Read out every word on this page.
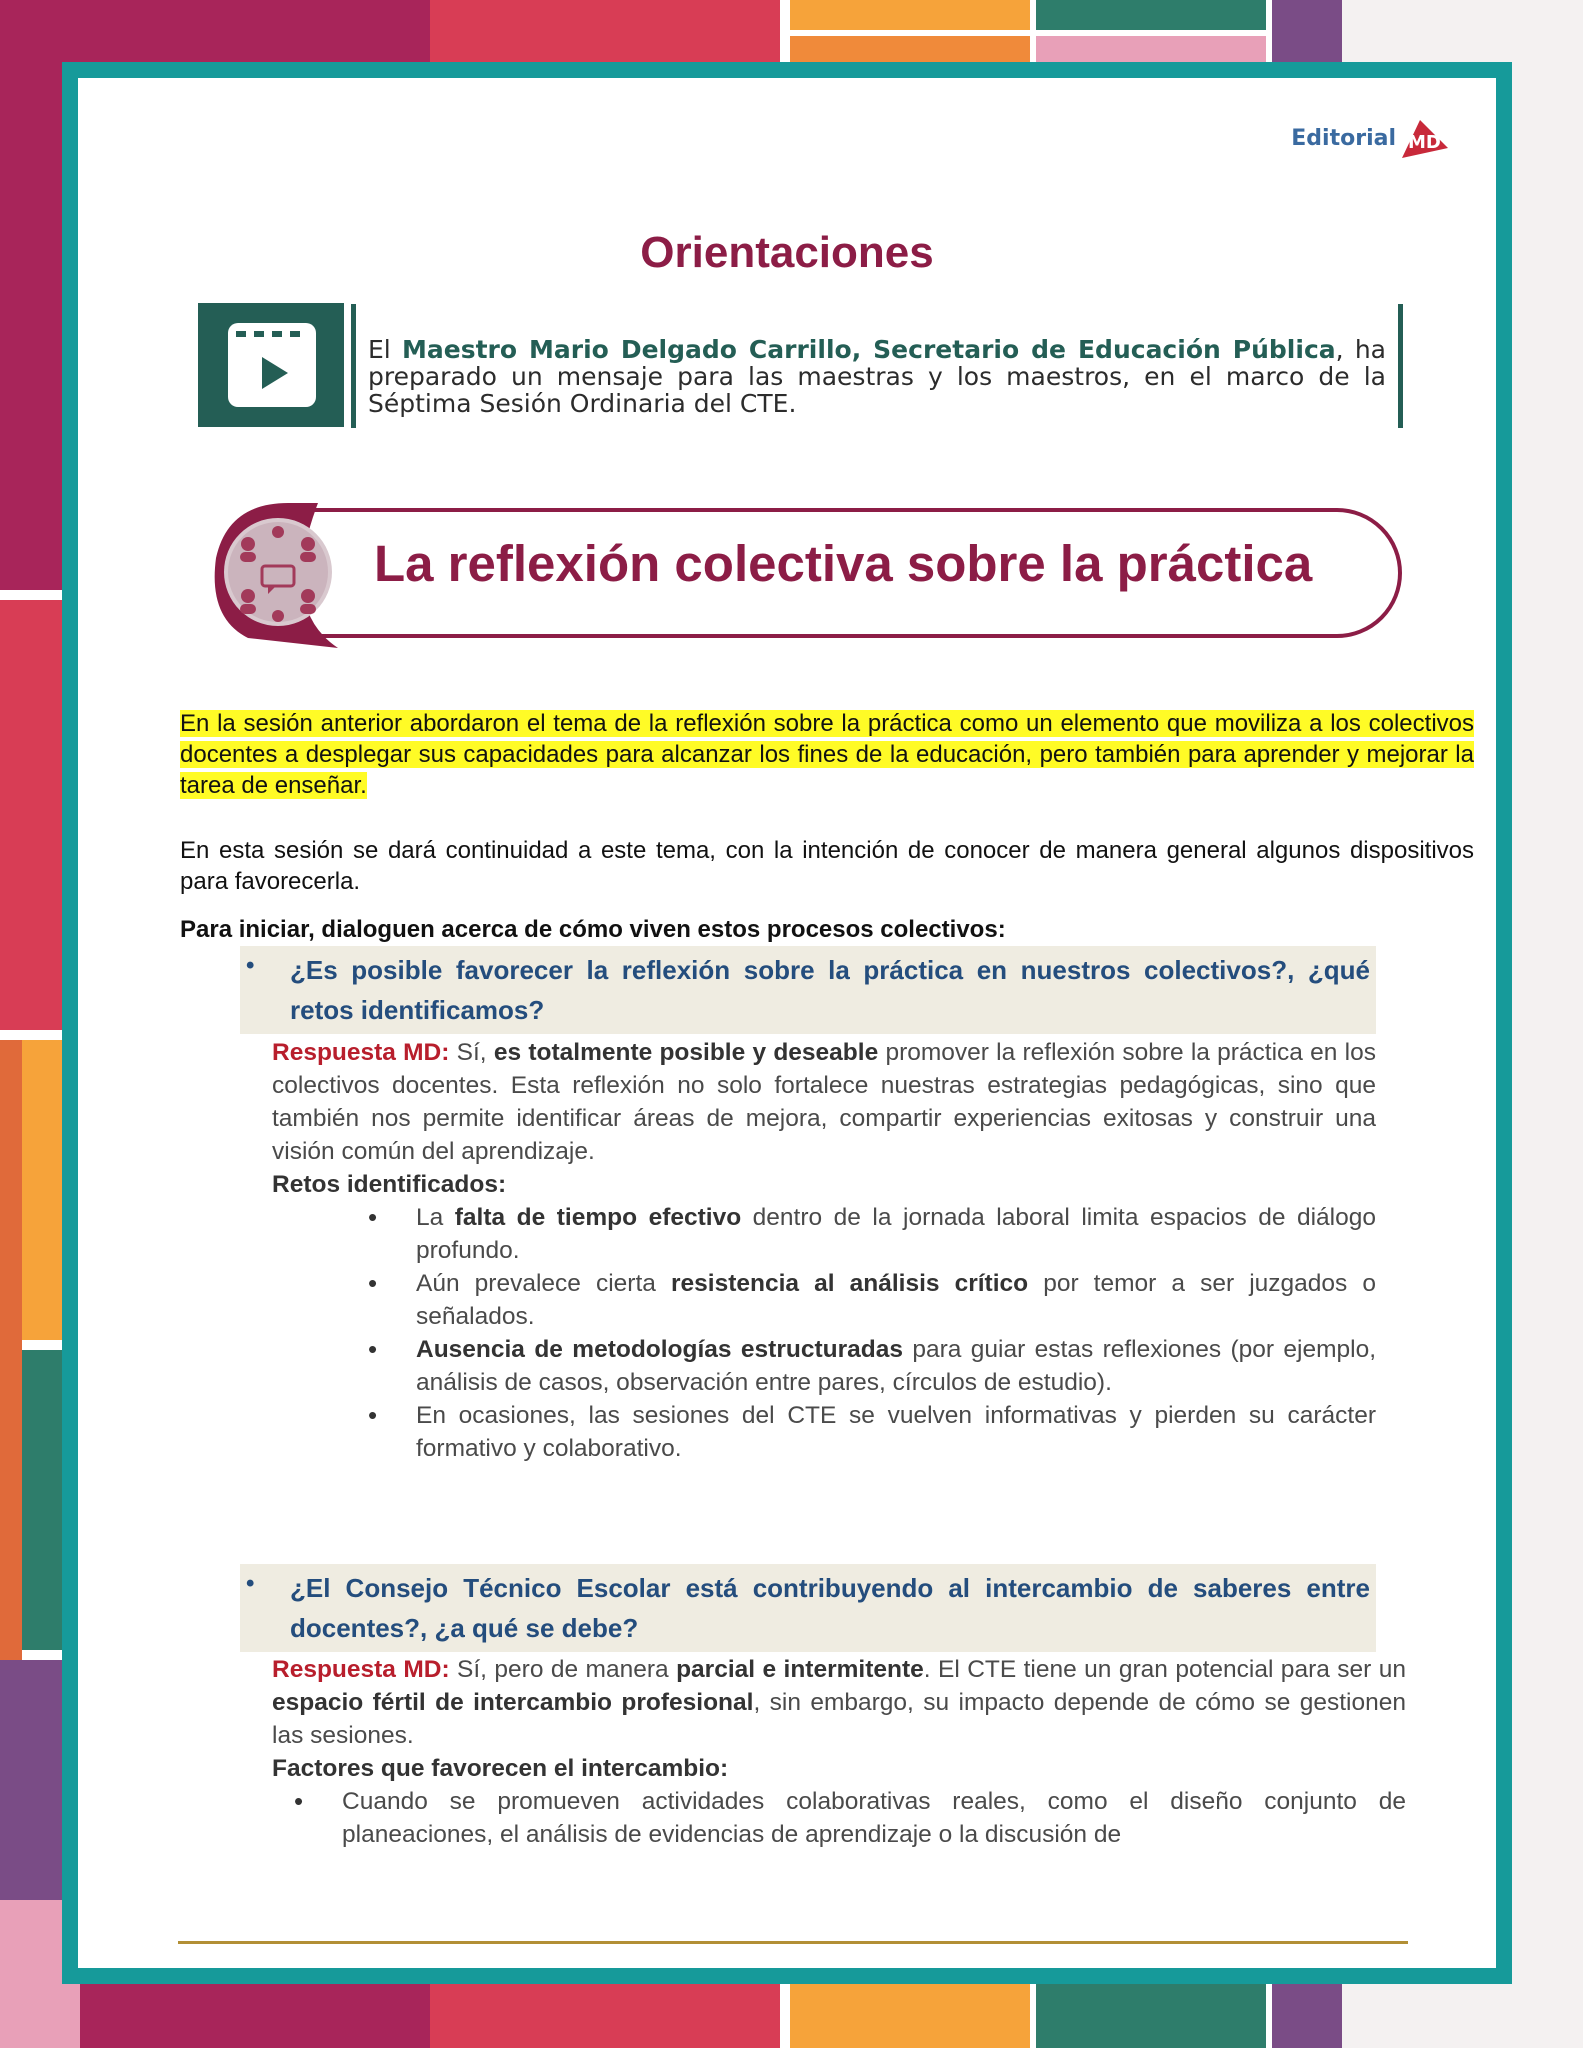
Editorial MD
Orientaciones
El Maestro Mario Delgado Carrillo, Secretario de Educación Pública, ha preparado un mensaje para las maestras y los maestros, en el marco de la Séptima Sesión Ordinaria del CTE.
La reflexión colectiva sobre la práctica
En la sesión anterior abordaron el tema de la reflexión sobre la práctica como un elemento que moviliza a los colectivos docentes a desplegar sus capacidades para alcanzar los fines de la educación, pero también para aprender y mejorar la tarea de enseñar.
En esta sesión se dará continuidad a este tema, con la intención de conocer de manera general algunos dispositivos para favorecerla.
Para iniciar, dialoguen acerca de cómo viven estos procesos colectivos:
• ¿Es posible favorecer la reflexión sobre la práctica en nuestros colectivos?, ¿qué retos identificamos?
Respuesta MD: Sí, es totalmente posible y deseable promover la reflexión sobre la práctica en los colectivos docentes. Esta reflexión no solo fortalece nuestras estrategias pedagógicas, sino que también nos permite identificar áreas de mejora, compartir experiencias exitosas y construir una visión común del aprendizaje.
Retos identificados:
• La falta de tiempo efectivo dentro de la jornada laboral limita espacios de diálogo profundo.
• Aún prevalece cierta resistencia al análisis crítico por temor a ser juzgados o señalados.
• Ausencia de metodologías estructuradas para guiar estas reflexiones (por ejemplo, análisis de casos, observación entre pares, círculos de estudio).
• En ocasiones, las sesiones del CTE se vuelven informativas y pierden su carácter formativo y colaborativo.
• ¿El Consejo Técnico Escolar está contribuyendo al intercambio de saberes entre docentes?, ¿a qué se debe?
Respuesta MD: Sí, pero de manera parcial e intermitente. El CTE tiene un gran potencial para ser un espacio fértil de intercambio profesional, sin embargo, su impacto depende de cómo se gestionen las sesiones.
Factores que favorecen el intercambio:
• Cuando se promueven actividades colaborativas reales, como el diseño conjunto de planeaciones, el análisis de evidencias de aprendizaje o la discusión de
